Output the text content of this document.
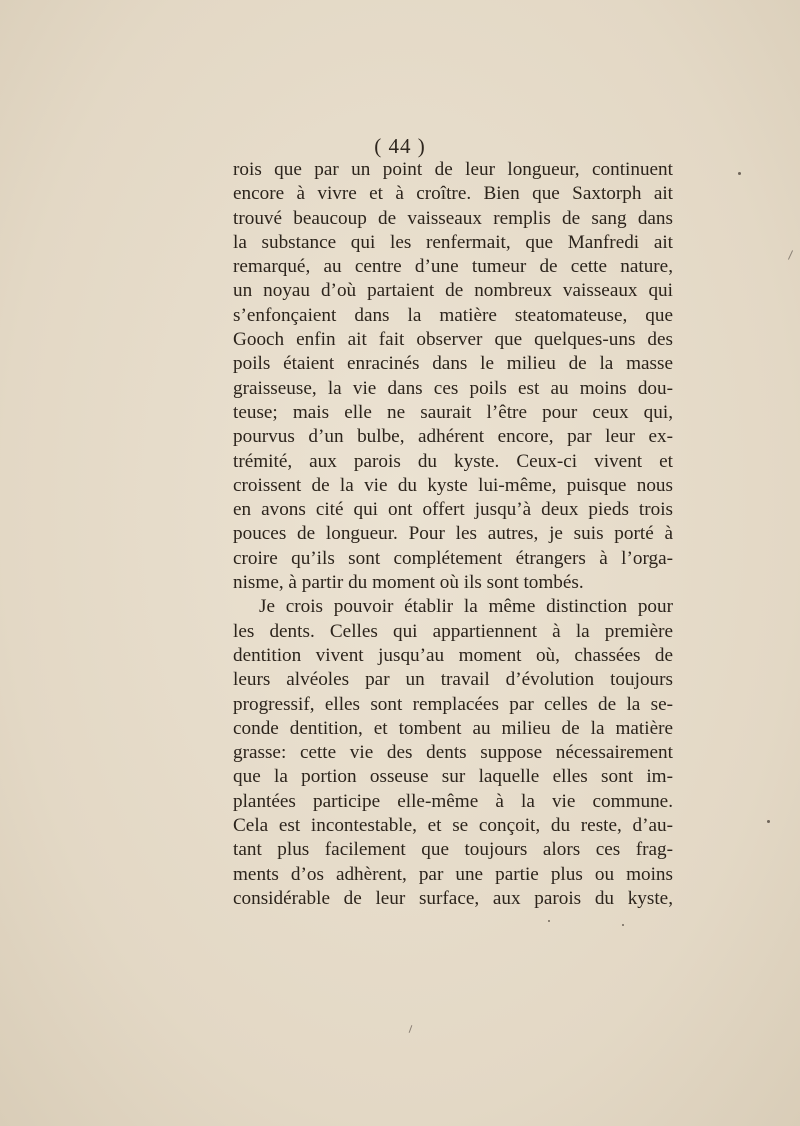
( 44 )
rois que par un point de leur longueur, continuent
encore à vivre et à croître. Bien que Saxtorph ait
trouvé beaucoup de vaisseaux remplis de sang dans
la substance qui les renfermait, que Manfredi ait
remarqué, au centre d’une tumeur de cette nature,
un noyau d’où partaient de nombreux vaisseaux qui
s’enfonçaient dans la matière steatomateuse, que
Gooch enfin ait fait observer que quelques-uns des
poils étaient enracinés dans le milieu de la masse
graisseuse, la vie dans ces poils est au moins dou-
teuse; mais elle ne saurait l’être pour ceux qui,
pourvus d’un bulbe, adhérent encore, par leur ex-
trémité, aux parois du kyste. Ceux-ci vivent et
croissent de la vie du kyste lui-même, puisque nous
en avons cité qui ont offert jusqu’à deux pieds trois
pouces de longueur. Pour les autres, je suis porté à
croire qu’ils sont complétement étrangers à l’orga-
nisme, à partir du moment où ils sont tombés.
Je crois pouvoir établir la même distinction pour
les dents. Celles qui appartiennent à la première
dentition vivent jusqu’au moment où, chassées de
leurs alvéoles par un travail d’évolution toujours
progressif, elles sont remplacées par celles de la se-
conde dentition, et tombent au milieu de la matière
grasse: cette vie des dents suppose nécessairement
que la portion osseuse sur laquelle elles sont im-
plantées participe elle-même à la vie commune.
Cela est incontestable, et se conçoit, du reste, d’au-
tant plus facilement que toujours alors ces frag-
ments d’os adhèrent, par une partie plus ou moins
considérable de leur surface, aux parois du kyste,
